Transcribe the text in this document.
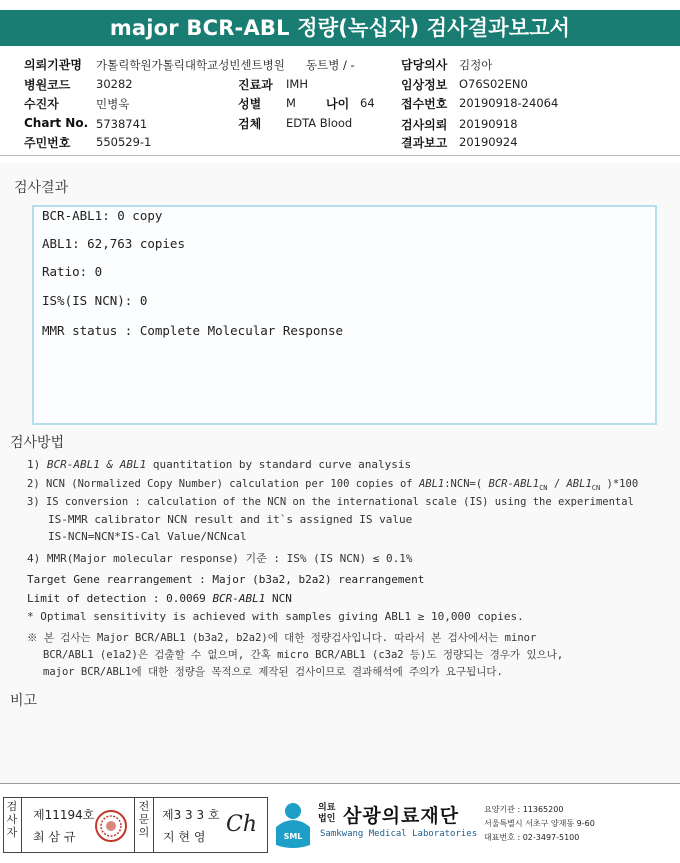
major BCR-ABL 정량(녹십자) 검사결과보고서
의뢰기관명 가톨릭학원가톨릭대학교성빈센트병원 동트병 / -
병원코드 30282
수진자	민병욱
Chart No. 5738741
주민번호 550529-1
진료과 IMH
성별 M	나이 64
검체 EDTA Blood
담당의사 김정아
임상정보 O76S02EN0
접수번호 20190918-24064
검사의뢰 20190918
결과보고 20190924
검사결과
BCR-ABL1: 0 copy
ABL1: 62,763 copies
Ratio: 0
IS%(IS NCN): 0
MMR status : Complete Molecular Response
검사방법
1) BCR-ABL1 & ABL1 quantitation by standard curve analysis
2) NCN (Normalized Copy Number) calculation per 100 copies of ABL1:NCN=( BCR-$ABL1_{CN} / ABL1_{CN}$ )*100
3) IS conversion : calculation of the NCN on the international scale (IS) using the experimental
IS-MMR calibrator NCN result and it`s assigned IS value
IS-NCN=NCN*IS-Cal Value/NCNcal
4) MMR(Major molecular response) 기준 : IS% (IS NCN) ≤ 0.1%
Target Gene rearrangement : Major (b3a2, b2a2) rearrangement
Limit of detection : 0.0069 BCR-ABL1 NCN
* Optimal sensitivity is achieved with samples giving ABL1 ≥ 10,000 copies.
※ 본 검사는 Major BCR/ABL1 (b3a2, b2a2)에 대한 정량검사입니다. 따라서 본 검사에서는 minor
BCR/ABL1 (e1a2)은 검출할 수 없으며, 간혹 micro BCR/ABL1 (c3a2 등)도 정량되는 경우가 있으나,
major BCR/ABL1에 대한 정량을 목적으로 제작된 검사이므로 결과해석에 주의가 요구됩니다.
비고
검
사
자
제11194호
최 삼 규
전
문
의
제3 3 3 호
지 현 영 Ch	SML
의료
법인 삼광의료재단
Samkwang Medical Laboratories
요양기관 : 11365200
서울특별시 서초구 양재동 9-60
대표번호 : 02-3497-5100
